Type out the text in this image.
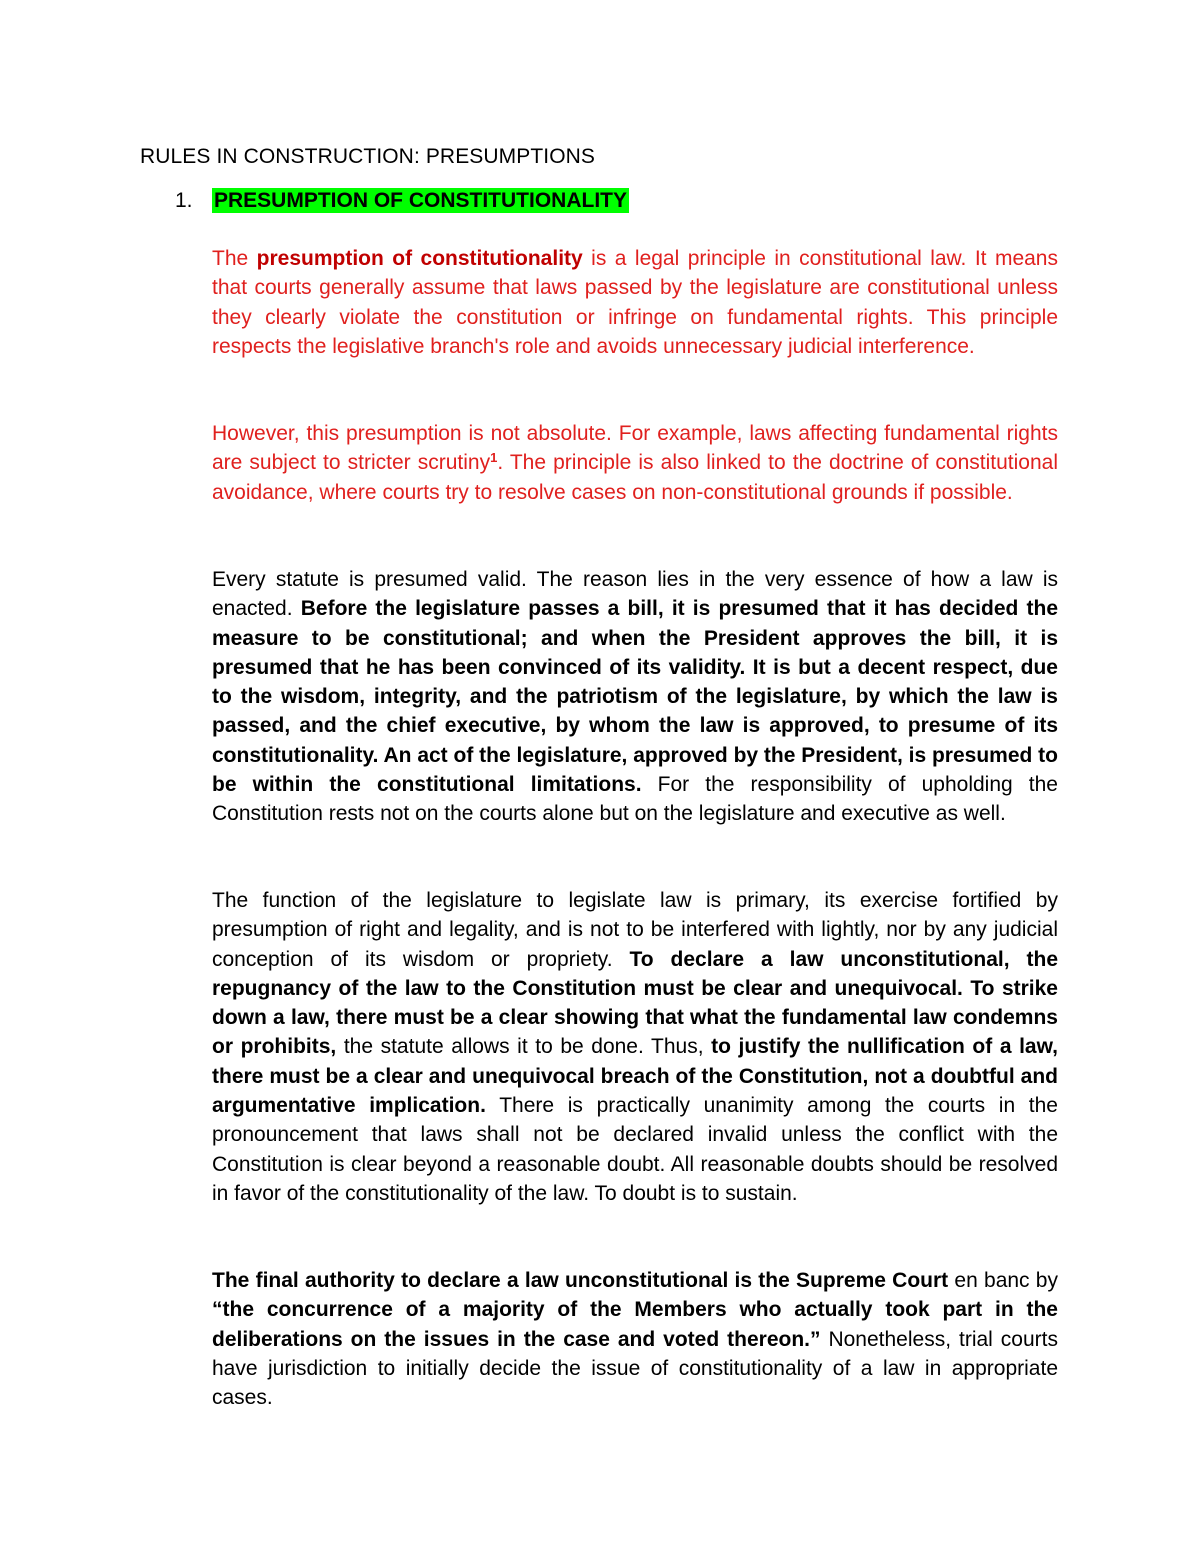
RULES IN CONSTRUCTION: PRESUMPTIONS
1. PRESUMPTION OF CONSTITUTIONALITY

The presumption of constitutionality is a legal principle in constitutional law. It means that courts generally assume that laws passed by the legislature are constitutional unless they clearly violate the constitution or infringe on fundamental rights. This principle respects the legislative branch's role and avoids unnecessary judicial interference.

However, this presumption is not absolute. For example, laws affecting fundamental rights are subject to stricter scrutiny$^1$. The principle is also linked to the doctrine of constitutional avoidance, where courts try to resolve cases on non-constitutional grounds if possible.

Every statute is presumed valid. The reason lies in the very essence of how a law is enacted. Before the legislature passes a bill, it is presumed that it has decided the measure to be constitutional; and when the President approves the bill, it is presumed that he has been convinced of its validity. It is but a decent respect, due to the wisdom, integrity, and the patriotism of the legislature, by which the law is passed, and the chief executive, by whom the law is approved, to presume of its constitutionality. An act of the legislature, approved by the President, is presumed to be within the constitutional limitations. For the responsibility of upholding the Constitution rests not on the courts alone but on the legislature and executive as well.

The function of the legislature to legislate law is primary, its exercise fortified by presumption of right and legality, and is not to be interfered with lightly, nor by any judicial conception of its wisdom or propriety. To declare a law unconstitutional, the repugnancy of the law to the Constitution must be clear and unequivocal. To strike down a law, there must be a clear showing that what the fundamental law condemns or prohibits, the statute allows it to be done. Thus, to justify the nullification of a law, there must be a clear and unequivocal breach of the Constitution, not a doubtful and argumentative implication. There is practically unanimity among the courts in the pronouncement that laws shall not be declared invalid unless the conflict with the Constitution is clear beyond a reasonable doubt. All reasonable doubts should be resolved in favor of the constitutionality of the law. To doubt is to sustain.

The final authority to declare a law unconstitutional is the Supreme Court en banc by “the concurrence of a majority of the Members who actually took part in the deliberations on the issues in the case and voted thereon.” Nonetheless, trial courts have jurisdiction to initially decide the issue of constitutionality of a law in appropriate cases.
